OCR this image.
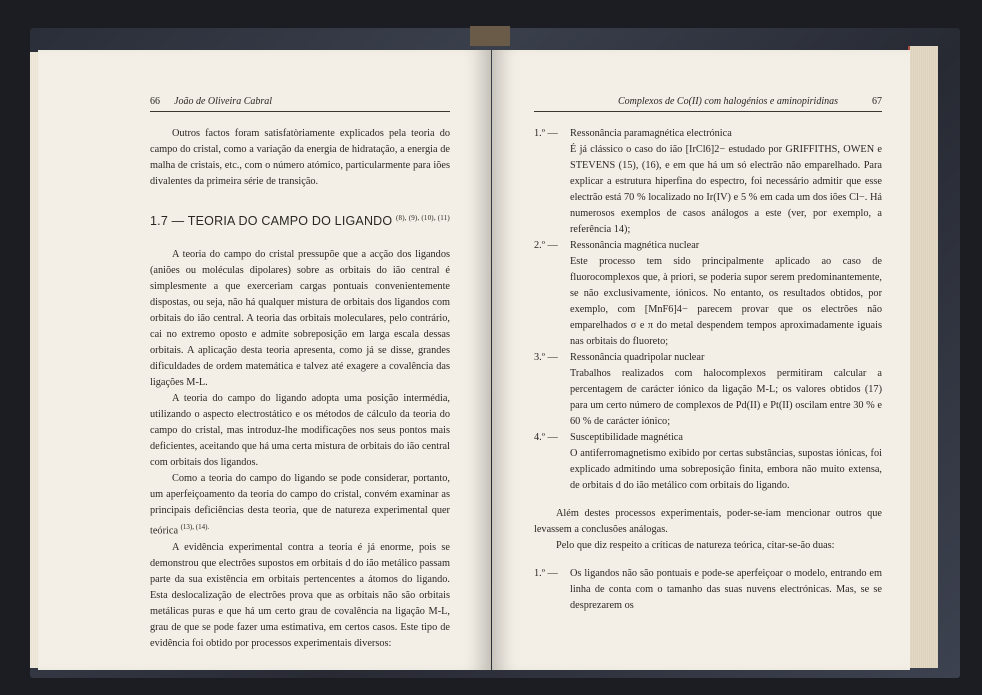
66 João de Oliveira Cabral

Outros factos foram satisfatòriamente explicados pela teoria do campo do cristal, como a variação da energia de hidratação, a energia de malha de cristais, etc., com o número atómico, particularmente para iões divalentes da primeira série de transição.

1.7 — TEORIA DO CAMPO DO LIGANDO $^{(8), (9), (10), (11)}$

A teoria do campo do cristal pressupõe que a acção dos ligandos (aniões ou moléculas dipolares) sobre as orbitais do ião central é simplesmente a que exerceriam cargas pontuais convenientemente dispostas, ou seja, não há qualquer mistura de orbitais dos ligandos com orbitais do ião central. A teoria das orbitais moleculares, pelo contrário, cai no extremo oposto e admite sobreposição em larga escala dessas orbitais. A aplicação desta teoria apresenta, como já se disse, grandes dificuldades de ordem matemática e talvez até exagere a covalência das ligações M-L.

A teoria do campo do ligando adopta uma posição intermédia, utilizando o aspecto electrostático e os métodos de cálculo da teoria do campo do cristal, mas introduz-lhe modificações nos seus pontos mais deficientes, aceitando que há uma certa mistura de orbitais do ião central com orbitais dos ligandos.

Como a teoria do campo do ligando se pode considerar, portanto, um aperfeiçoamento da teoria do campo do cristal, convém examinar as principais deficiências desta teoria, que de natureza experimental quer teórica $^{(13), (14).}$

A evidência experimental contra a teoria é já enorme, pois se demonstrou que electrões supostos em orbitais d do ião metálico passam parte da sua existência em orbitais pertencentes a átomos do ligando. Esta deslocalização de electrões prova que as orbitais não são orbitais metálicas puras e que há um certo grau de covalência na ligação M-L, grau de que se pode fazer uma estimativa, em certos casos. Este tipo de evidência foi obtido por processos experimentais diversos:

Complexos de Co(II) com halogénios e aminopiridinas	67
1.º —	Ressonância paramagnética electrónica

É já clássico o caso do ião [IrCl6]2− estudado por GRIFFITHS, OWEN e STEVENS (15), (16), e em que há um só electrão não emparelhado. Para explicar a estrutura hiperfina do espectro, foi necessário admitir que esse electrão está 70 % localizado no Ir(IV) e 5 % em cada um dos iões Cl−. Há numerosos exemplos de casos análogos a este (ver, por exemplo, a referência 14);

2.º —	Ressonância magnética nuclear

Este processo tem sido principalmente aplicado ao caso de fluorocomplexos que, à priori, se poderia supor serem predominantemente, se não exclusivamente, iónicos. No entanto, os resultados obtidos, por exemplo, com [MnF6]4− parecem provar que os electrões não emparelhados σ e π do metal despendem tempos aproximadamente iguais nas orbitais do fluoreto;

3.º —	Ressonância quadripolar nuclear

Trabalhos realizados com halocomplexos permitiram calcular a percentagem de carácter iónico da ligação M-L; os valores obtidos (17) para um certo número de complexos de Pd(II) e Pt(II) oscilam entre 30 % e 60 % de carácter iónico;

4.º —	Susceptibilidade magnética

O antiferromagnetismo exibido por certas substâncias, supostas iónicas, foi explicado admitindo uma sobreposição finita, embora não muito extensa, de orbitais d do ião metálico com orbitais do ligando.

Além destes processos experimentais, poder-se-iam mencionar outros que levassem a conclusões análogas.

Pelo que diz respeito a críticas de natureza teórica, citar-se-ão duas:

1.º —	Os ligandos não são pontuais e pode-se aperfeiçoar o modelo, entrando em linha de conta com o tamanho das suas nuvens electrónicas. Mas, se se desprezarem os
